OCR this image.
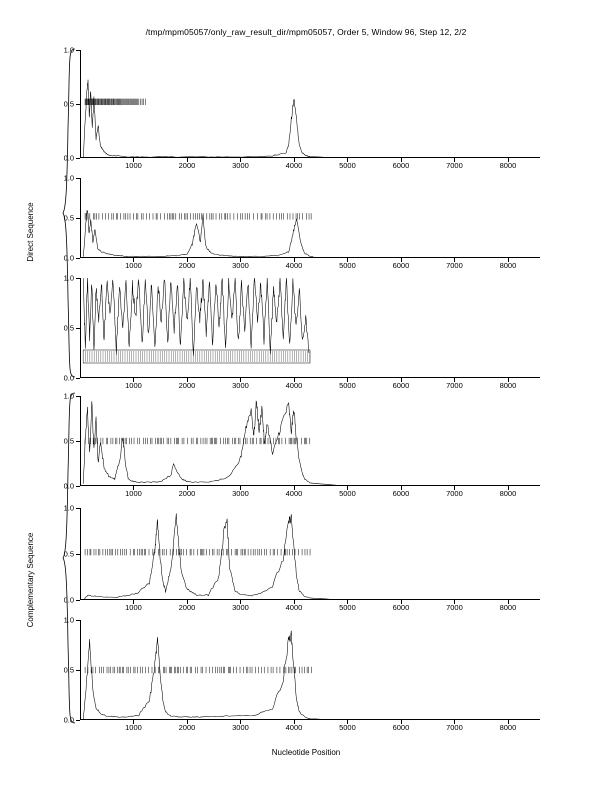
/tmp/mpm05057/only_raw_result_dir/mpm05057, Order 5, Window 96, Step 12, 2/2
Direct Sequence
Complementary Sequence
Nucleotide Position
0.0
0.5
1.0
1000	2000	3000	4000	5000	6000	7000	8000
0.0
0.5
1.0
1000	2000	3000	4000	5000	6000	7000	8000
0.0
0.5
1.0
1000	2000	3000	4000	5000	6000	7000	8000
0.0
0.5
1.0
1000	2000	3000	4000	5000	6000	7000	8000
0.0
0.5
1.0
1000	2000	3000	4000	5000	6000	7000	8000
0.0
0.5
1.0
1000	2000	3000	4000	5000	6000	7000	8000
